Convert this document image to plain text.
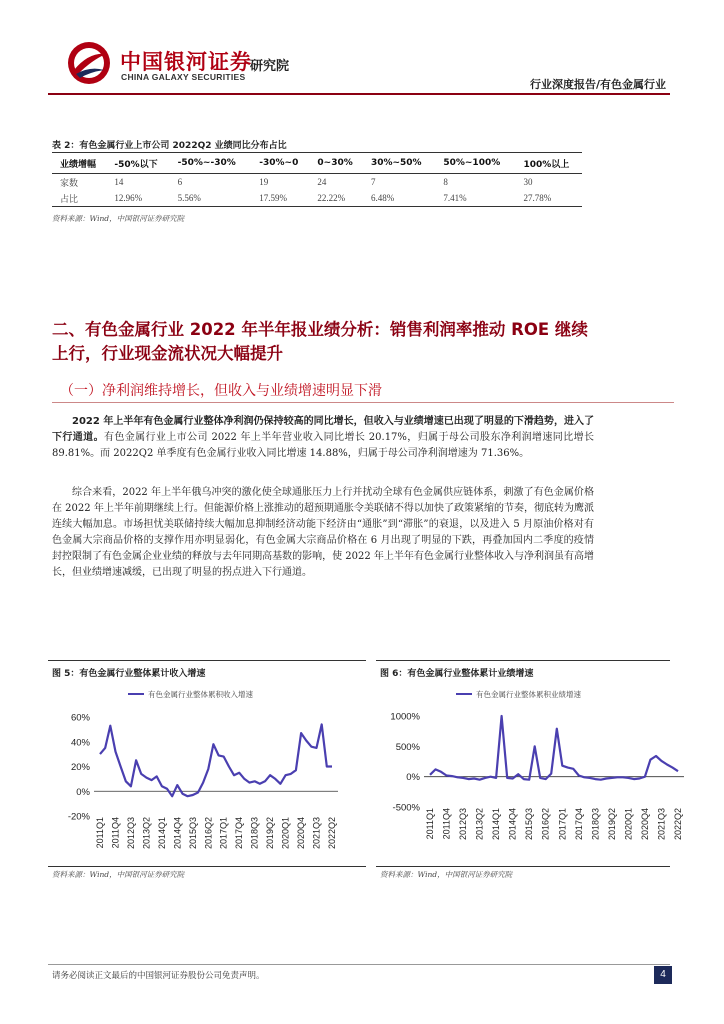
中国银河证券
CHINA GALAXY SECURITIES
研究院
行业深度报告/有色金属行业
表 2：有色金属行业上市公司 2022Q2 业绩同比分布占比
业绩增幅	-50%以下	-50%~-30%	-30%~0	0~30%	30%~50%	50%~100%	100%以上
家数	14	6	19	24	7	8	30
占比	12.96%	5.56%	17.59%	22.22%	6.48%	7.41%	27.78%
资料来源：Wind，中国银河证券研究院
二、有色金属行业 2022 年半年报业绩分析：销售利润率推动 ROE 继续上行，行业现金流状况大幅提升
（一）净利润维持增长，但收入与业绩增速明显下滑
2022 年上半年有色金属行业整体净利润仍保持较高的同比增长，但收入与业绩增速已出现了明显的下滑趋势，进入了下行通道。有色金属行业上市公司 2022 年上半年营业收入同比增长 20.17%，归属于母公司股东净利润增速同比增长 89.81%。而 2022Q2 单季度有色金属行业收入同比增速 14.88%，归属于母公司净利润增速为 71.36%。
综合来看，2022 年上半年俄乌冲突的激化使全球通胀压力上行并扰动全球有色金属供应链体系，刺激了有色金属价格在 2022 年上半年前期继续上行。但能源价格上涨推动的超预期通胀令美联储不得以加快了政策紧缩的节奏，彻底转为鹰派连续大幅加息。市场担忧美联储持续大幅加息抑制经济动能下经济由“通胀”到“滞胀”的衰退，以及进入 5 月原油价格对有色金属大宗商品价格的支撑作用亦明显弱化，有色金属大宗商品价格在 6 月出现了明显的下跌，再叠加国内二季度的疫情封控限制了有色金属企业业绩的释放与去年同期高基数的影响，使 2022 年上半年有色金属行业整体收入与净利润虽有高增长，但业绩增速减缓，已出现了明显的拐点进入下行通道。
图 5：有色金属行业整体累计收入增速	图 6：有色金属行业整体累计业绩增速
有色金属行业整体累积收入增速
-20%
0%
20%
40%
60%
2011Q1 2011Q4 2012Q3 2013Q2 2014Q1 2014Q4 2015Q3 2016Q2 2017Q1 2017Q4 2018Q3 2019Q2 2020Q1 2020Q4 2021Q3 2022Q2
有色金属行业整体累积业绩增速
-500%
0%
500%
1000%
2011Q1 2011Q4 2012Q3 2013Q2 2014Q1 2014Q4 2015Q3 2016Q2 2017Q1 2017Q4 2018Q3 2019Q2 2020Q1 2020Q4 2021Q3 2022Q2
资料来源：Wind，中国银河证券研究院	资料来源：Wind，中国银河证券研究院
请务必阅读正文最后的中国银河证券股份公司免责声明。	4
